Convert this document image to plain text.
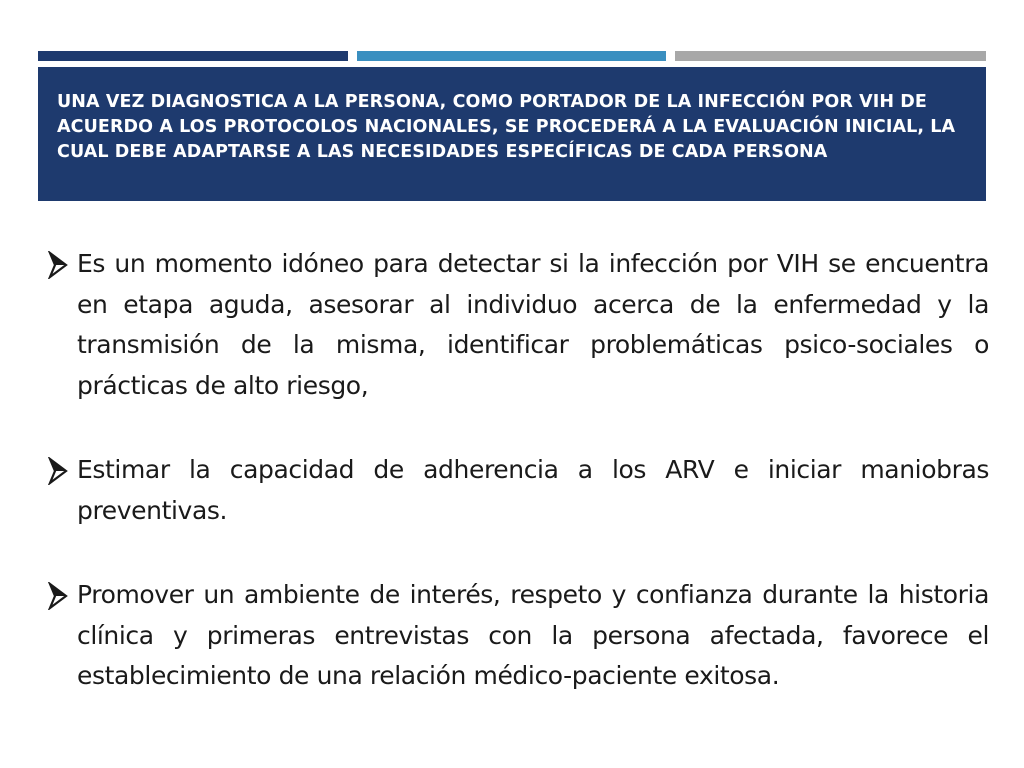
UNA VEZ DIAGNOSTICA A LA PERSONA, COMO PORTADOR DE LA INFECCIÓN POR VIH DE ACUERDO A LOS PROTOCOLOS NACIONALES, SE PROCEDERÁ A LA EVALUACIÓN INICIAL, LA CUAL DEBE ADAPTARSE A LAS NECESIDADES ESPECÍFICAS DE CADA PERSONA

Es un momento idóneo para detectar si la infección por VIH se encuentra en etapa aguda, asesorar al individuo acerca de la enfermedad y la transmisión de la misma, identificar problemáticas psico-sociales o prácticas de alto riesgo,

Estimar la capacidad de adherencia a los ARV e iniciar maniobras preventivas.

Promover un ambiente de interés, respeto y confianza durante la historia clínica y primeras entrevistas con la persona afectada, favorece el establecimiento de una relación médico-paciente exitosa.
